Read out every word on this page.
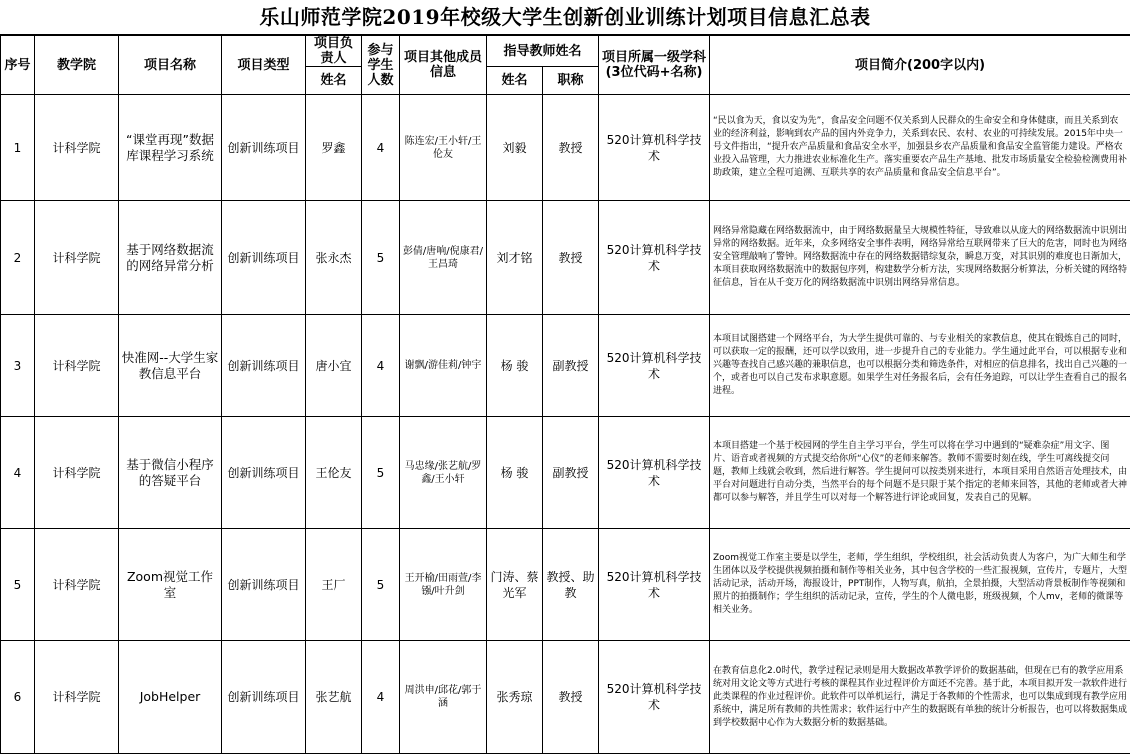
乐山师范学院2019年校级大学生创新创业训练计划项目信息汇总表
序号	教学院	项目名称	项目类型	项目负责人	参与学生人数	项目其他成员信息	指导教师姓名		项目所属一级学科(3位代码+名称)	项目简介(200字以内)
				姓名			姓名	职称		
1	计科学院	“课堂再现”数据库课程学习系统	创新训练项目	罗鑫	4	陈连宏/王小轩/王伦友	刘毅	教授	520计算机科学技术	“民以食为天，食以安为先”，食品安全问题不仅关系到人民群众的生命安全和身体健康，而且关系到农业的经济利益，影响到农产品的国内外竞争力，关系到农民、农村、农业的可持续发展。2015年中央一号文件指出，“提升农产品质量和食品安全水平，加强县乡农产品质量和食品安全监管能力建设。严格农业投入品管理，大力推进农业标准化生产。落实重要农产品生产基地、批发市场质量安全检验检测费用补助政策，建立全程可追溯、互联共享的农产品质量和食品安全信息平台”。
2	计科学院	基于网络数据流的网络异常分析	创新训练项目	张永杰	5	彭倩/唐响/倪康君/王昌琦	刘才铭	教授	520计算机科学技术	网络异常隐藏在网络数据流中，由于网络数据量呈大规模性特征，导致难以从庞大的网络数据流中识别出异常的网络数据。近年来，众多网络安全事件表明，网络异常给互联网带来了巨大的危害，同时也为网络安全管理敲响了警钟。网络数据流中存在的网络数据错综复杂，瞬息万变，对其识别的难度也日渐加大，本项目获取网络数据流中的数据包序列，构建数学分析方法，实现网络数据分析算法，分析关键的网络特征信息，旨在从千变万化的网络数据流中识别出网络异常信息。
3	计科学院	快准网--大学生家教信息平台	创新训练项目	唐小宜	4	谢飘/游佳莉/钟宇	杨 骏	副教授	520计算机科学技术	本项目试图搭建一个网络平台，为大学生提供可靠的、与专业相关的家教信息，使其在锻炼自己的同时，可以获取一定的报酬，还可以学以致用，进一步提升自己的专业能力。学生通过此平台，可以根据专业和兴趣等查找自己感兴趣的兼职信息，也可以根据分类和筛选条件，对相应的信息排名，找出自己兴趣的一个，或者也可以自己发布求职意愿。如果学生对任务报名后，会有任务追踪，可以让学生查看自己的报名进程。
4	计科学院	基于微信小程序的答疑平台	创新训练项目	王伦友	5	马忠缘/张艺航/罗鑫/王小轩	杨 骏	副教授	520计算机科学技术	本项目搭建一个基于校园网的学生自主学习平台，学生可以将在学习中遇到的“疑难杂症”用文字、图片、语音或者视频的方式提交给你所“心仪”的老师来解答。教师不需要时刻在线，学生可离线提交问题，教师上线就会收到，然后进行解答。学生提问可以按类别来进行，本项目采用自然语言处理技术，由平台对问题进行自动分类，当然平台的每个问题不是只限于某个指定的老师来回答，其他的老师或者大神都可以参与解答，并且学生可以对每一个解答进行评论或回复，发表自己的见解。
5	计科学院	Zoom视觉工作室	创新训练项目	王厂	5	王开榆/田雨萱/李镪/叶升剑	门涛、蔡光军	教授、助教	520计算机科学技术	Zoom视觉工作室主要是以学生，老师，学生组织，学校组织，社会活动负责人为客户，为广大师生和学生团体以及学校提供视频拍摄和制作等相关业务，其中包含学校的一些汇报视频，宣传片，专题片，大型活动记录，活动开场，海报设计，PPT制作，人物写真，航拍，全景拍摄，大型活动背景板制作等视频和照片的拍摄制作；学生组织的活动记录，宣传，学生的个人微电影，班级视频，个人mv，老师的微课等相关业务。
6	计科学院	JobHelper	创新训练项目	张艺航	4	周洪申/邱花/郭于涵	张秀琼	教授	520计算机科学技术	在教育信息化2.0时代，教学过程记录则是用大数据改革教学评价的数据基础，但现在已有的教学应用系统对用文论文等方式进行考核的课程其作业过程评价方面还不完善。基于此，本项目拟开发一款软件进行此类课程的作业过程评价。此软件可以单机运行，满足于各教师的个性需求，也可以集成到现有教学应用系统中，满足所有教师的共性需求；软件运行中产生的数据既有单独的统计分析报告，也可以将数据集成到学校数据中心作为大数据分析的数据基础。
